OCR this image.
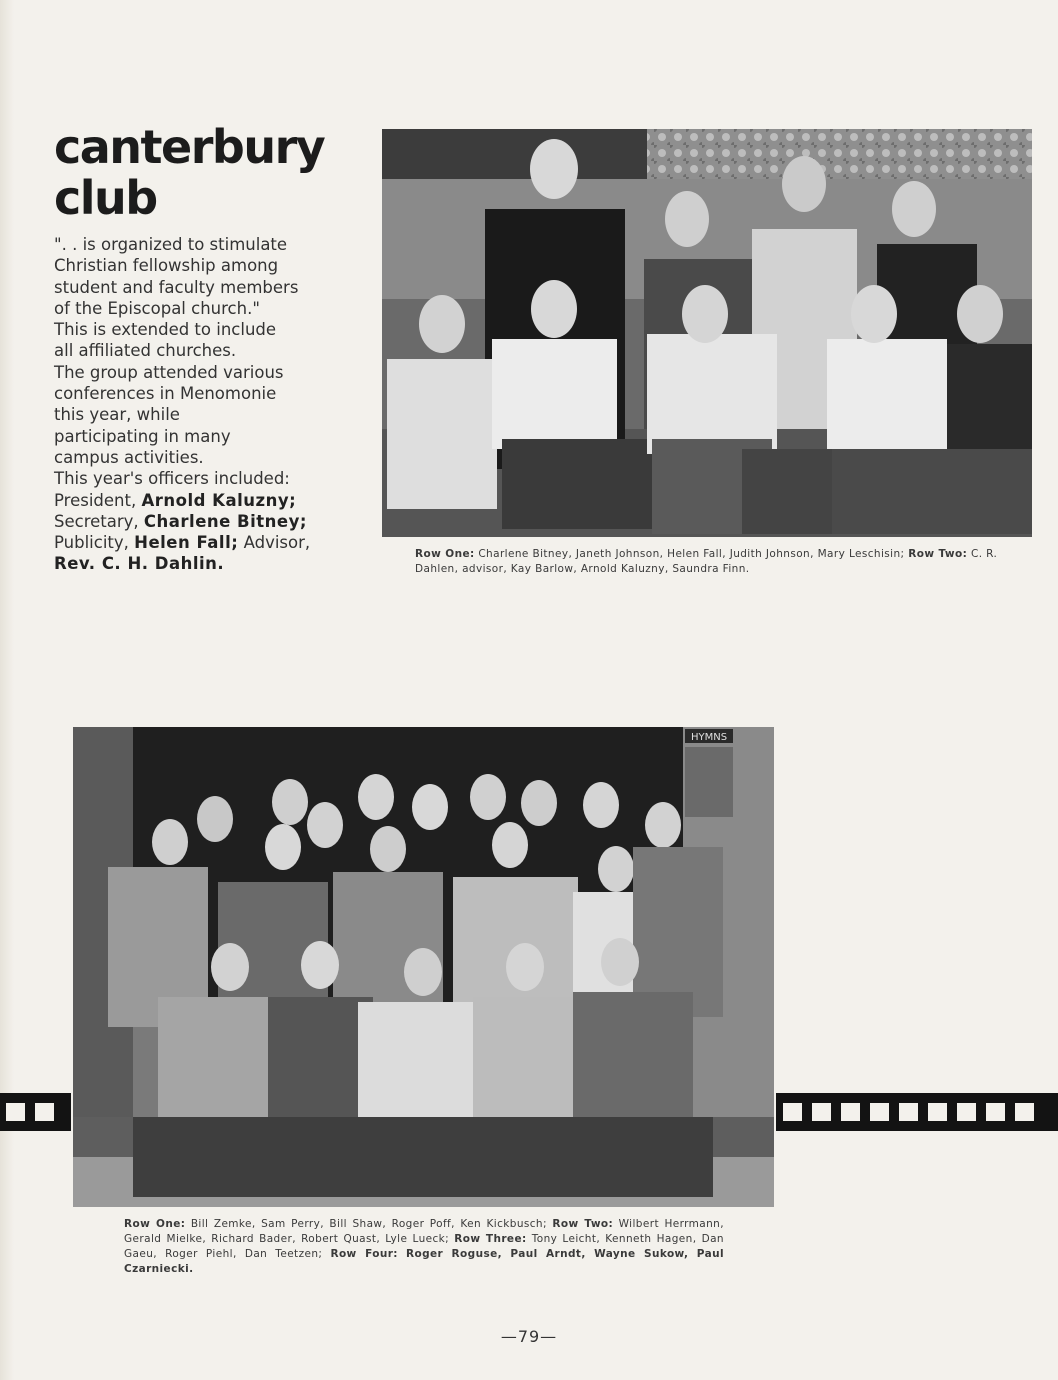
canterbury
club

". . is organized to stimulate

Christian fellowship among

student and faculty members

of the Episcopal church."

This is extended to include

all affiliated churches.

The group attended various

conferences in Menomonie

this year, while

participating in many

campus activities.

This year's officers included:

President, Arnold Kaluzny;

Secretary, Charlene Bitney;

Publicity, Helen Fall; Advisor,

Rev. C. H. Dahlin.

Row One: Charlene Bitney, Janeth Johnson, Helen Fall, Judith Johnson, Mary Leschisin; Row Two: C. R. Dahlen, advisor, Kay Barlow, Arnold Kaluzny, Saundra Finn.
HYMNS
Row One: Bill Zemke, Sam Perry, Bill Shaw, Roger Poff, Ken Kickbusch; Row Two: Wilbert Herrmann, Gerald Mielke, Richard Bader, Robert Quast, Lyle Lueck; Row Three: Tony Leicht, Kenneth Hagen, Dan Gaeu, Roger Piehl, Dan Teetzen; Row Four: Roger Roguse, Paul Arndt, Wayne Sukow, Paul Czarniecki.
—79—
